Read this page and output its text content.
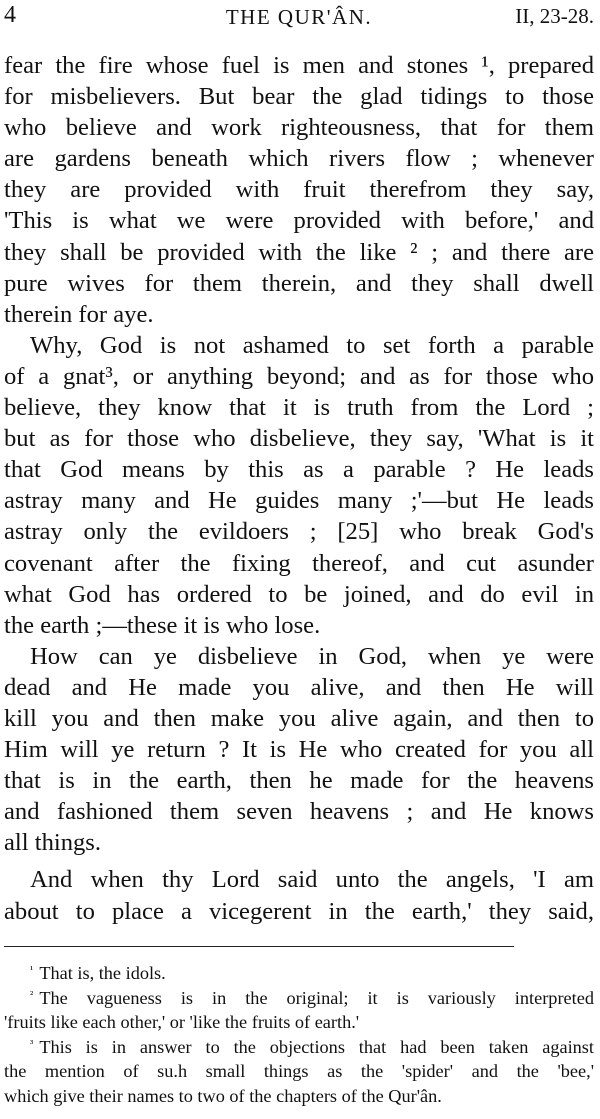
4	THE QUR'ÂN.	II, 23-28.
fear the fire whose fuel is men and stones ¹, prepared
for misbelievers. But bear the glad tidings to those
who believe and work righteousness, that for them
are gardens beneath which rivers flow ; whenever
they are provided with fruit therefrom they say,
'This is what we were provided with before,' and
they shall be provided with the like ² ; and there are
pure wives for them therein, and they shall dwell
therein for aye.
Why, God is not ashamed to set forth a parable
of a gnat³, or anything beyond; and as for those who
believe, they know that it is truth from the Lord ;
but as for those who disbelieve, they say, 'What is it
that God means by this as a parable ? He leads
astray many and He guides many ;'—but He leads
astray only the evildoers ; [25] who break God's
covenant after the fixing thereof, and cut asunder
what God has ordered to be joined, and do evil in
the earth ;—these it is who lose.
How can ye disbelieve in God, when ye were
dead and He made you alive, and then He will
kill you and then make you alive again, and then to
Him will ye return ? It is He who created for you all
that is in the earth, then he made for the heavens
and fashioned them seven heavens ; and He knows
all things.
And when thy Lord said unto the angels, 'I am
about to place a vicegerent in the earth,' they said,
$^{^1}$ That is, the idols.
$^{^2}$ The vagueness is in the original; it is variously interpreted
'fruits like each other,' or 'like the fruits of earth.'
$^{^3}$ This is in answer to the objections that had been taken against
the mention of su.h small things as the 'spider' and the 'bee,'
which give their names to two of the chapters of the Qur'ân.
